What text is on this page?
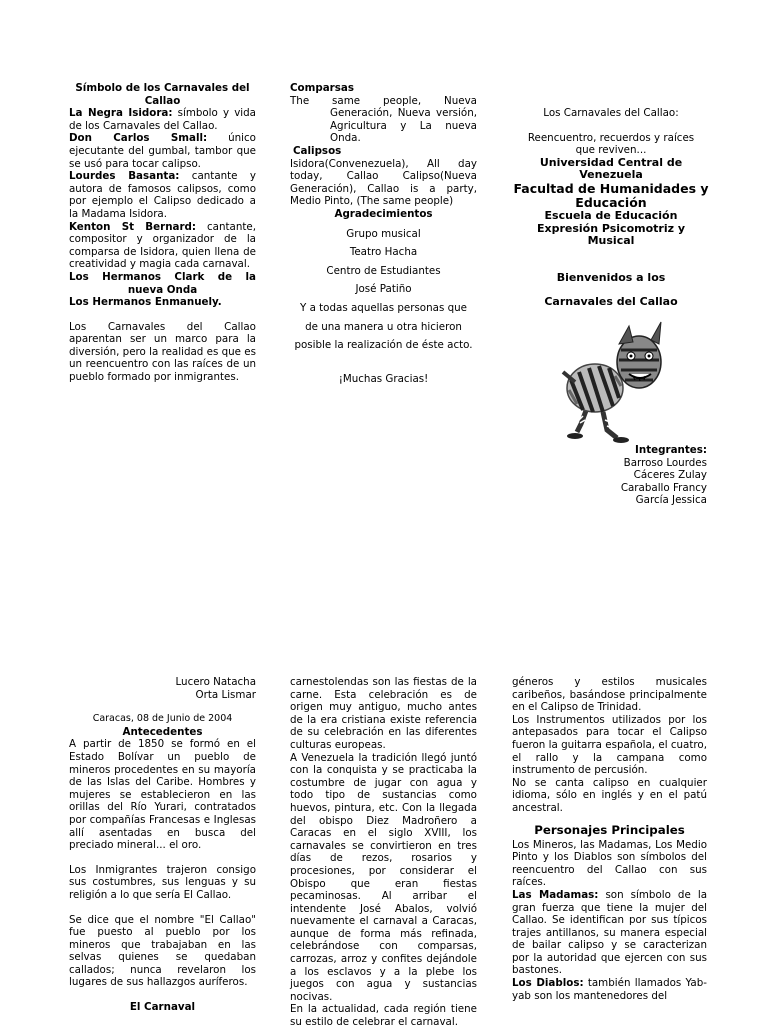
Símbolo de los Carnavales del
Callao

La Negra Isidora: símbolo y vida de los Carnavales del Callao.

Don Carlos Small: único ejecutante del gumbal, tambor que se usó para tocar calipso.

Lourdes Basanta: cantante y autora de famosos calipsos, como por ejemplo el Calipso dedicado a la Madama Isidora.

Kenton St Bernard: cantante, compositor y organizador de la comparsa de Isidora, quien llena de creatividad y magia cada carnaval.

Los Hermanos Clark de la
nueva Onda

Los Hermanos Enmanuely.

Los Carnavales del Callao aparentan ser un marco para la diversión, pero la realidad es que es un reencuentro con las raíces de un pueblo formado por inmigrantes.

Comparsas

The same people, Nueva

Generación, Nueva versión, Agricultura y La nueva Onda.

Calipsos

Isidora(Convenezuela), All day today, Callao Calipso(Nueva Generación), Callao is a party, Medio Pinto, (The same people)

Agradecimientos

Grupo musical

Teatro Hacha

Centro de Estudiantes

José Patiño

Y a todas aquellas personas que

de una manera u otra hicieron

posible la realización de éste acto.

¡Muchas Gracias!

Los Carnavales del Callao:

Reencuentro, recuerdos y raíces

que reviven...

Universidad Central de Venezuela

Facultad de Humanidades y Educación

Escuela de Educación

Expresión Psicomotriz y Musical

Bienvenidos a los

Carnavales del Callao

Integrantes:

Barroso Lourdes

Cáceres Zulay

Caraballo Francy

García Jessica

Lucero Natacha

Orta Lismar

Caracas, 08 de Junio de 2004

Antecedentes

A partir de 1850 se formó en el Estado Bolívar un pueblo de mineros procedentes en su mayoría de las Islas del Caribe. Hombres y mujeres se establecieron en las orillas del Río Yurari, contratados por compañías Francesas e Inglesas allí asentadas en busca del preciado mineral... el oro.

Los Inmigrantes trajeron consigo sus costumbres, sus lenguas y su religión a lo que sería El Callao.

Se dice que el nombre "El Callao" fue puesto al pueblo por los mineros que trabajaban en las selvas quienes se quedaban callados; nunca revelaron los lugares de sus hallazgos auríferos.

El Carnaval

carnestolendas son las fiestas de la carne. Esta celebración es de origen muy antiguo, mucho antes de la era cristiana existe referencia de su celebración en las diferentes culturas europeas.

A Venezuela la tradición llegó juntó con la conquista y se practicaba la costumbre de jugar con agua y todo tipo de sustancias como huevos, pintura, etc. Con la llegada del obispo Diez Madroñero a Caracas en el siglo XVIII, los carnavales se convirtieron en tres días de rezos, rosarios y procesiones, por considerar el Obispo que eran fiestas pecaminosas. Al arribar el intendente José Abalos, volvió nuevamente el carnaval a Caracas, aunque de forma más refinada, celebrándose con comparsas, carrozas, arroz y confites dejándole a los esclavos y a la plebe los juegos con agua y sustancias nocivas.

En la actualidad, cada región tiene su estilo de celebrar el carnaval.

géneros y estilos musicales caribeños, basándose principalmente en el Calipso de Trinidad.

Los Instrumentos utilizados por los antepasados para tocar el Calipso fueron la guitarra española, el cuatro, el rallo y la campana como instrumento de percusión.

No se canta calipso en cualquier idioma, sólo en inglés y en el patú ancestral.

Personajes Principales

Los Mineros, las Madamas, Los Medio Pinto y los Diablos son símbolos del reencuentro del Callao con sus raíces.

Las Madamas: son símbolo de la gran fuerza que tiene la mujer del Callao. Se identifican por sus típicos trajes antillanos, su manera especial de bailar calipso y se caracterizan por la autoridad que ejercen con sus bastones.

Los Diablos: también llamados Yab-yab son los mantenedores del
